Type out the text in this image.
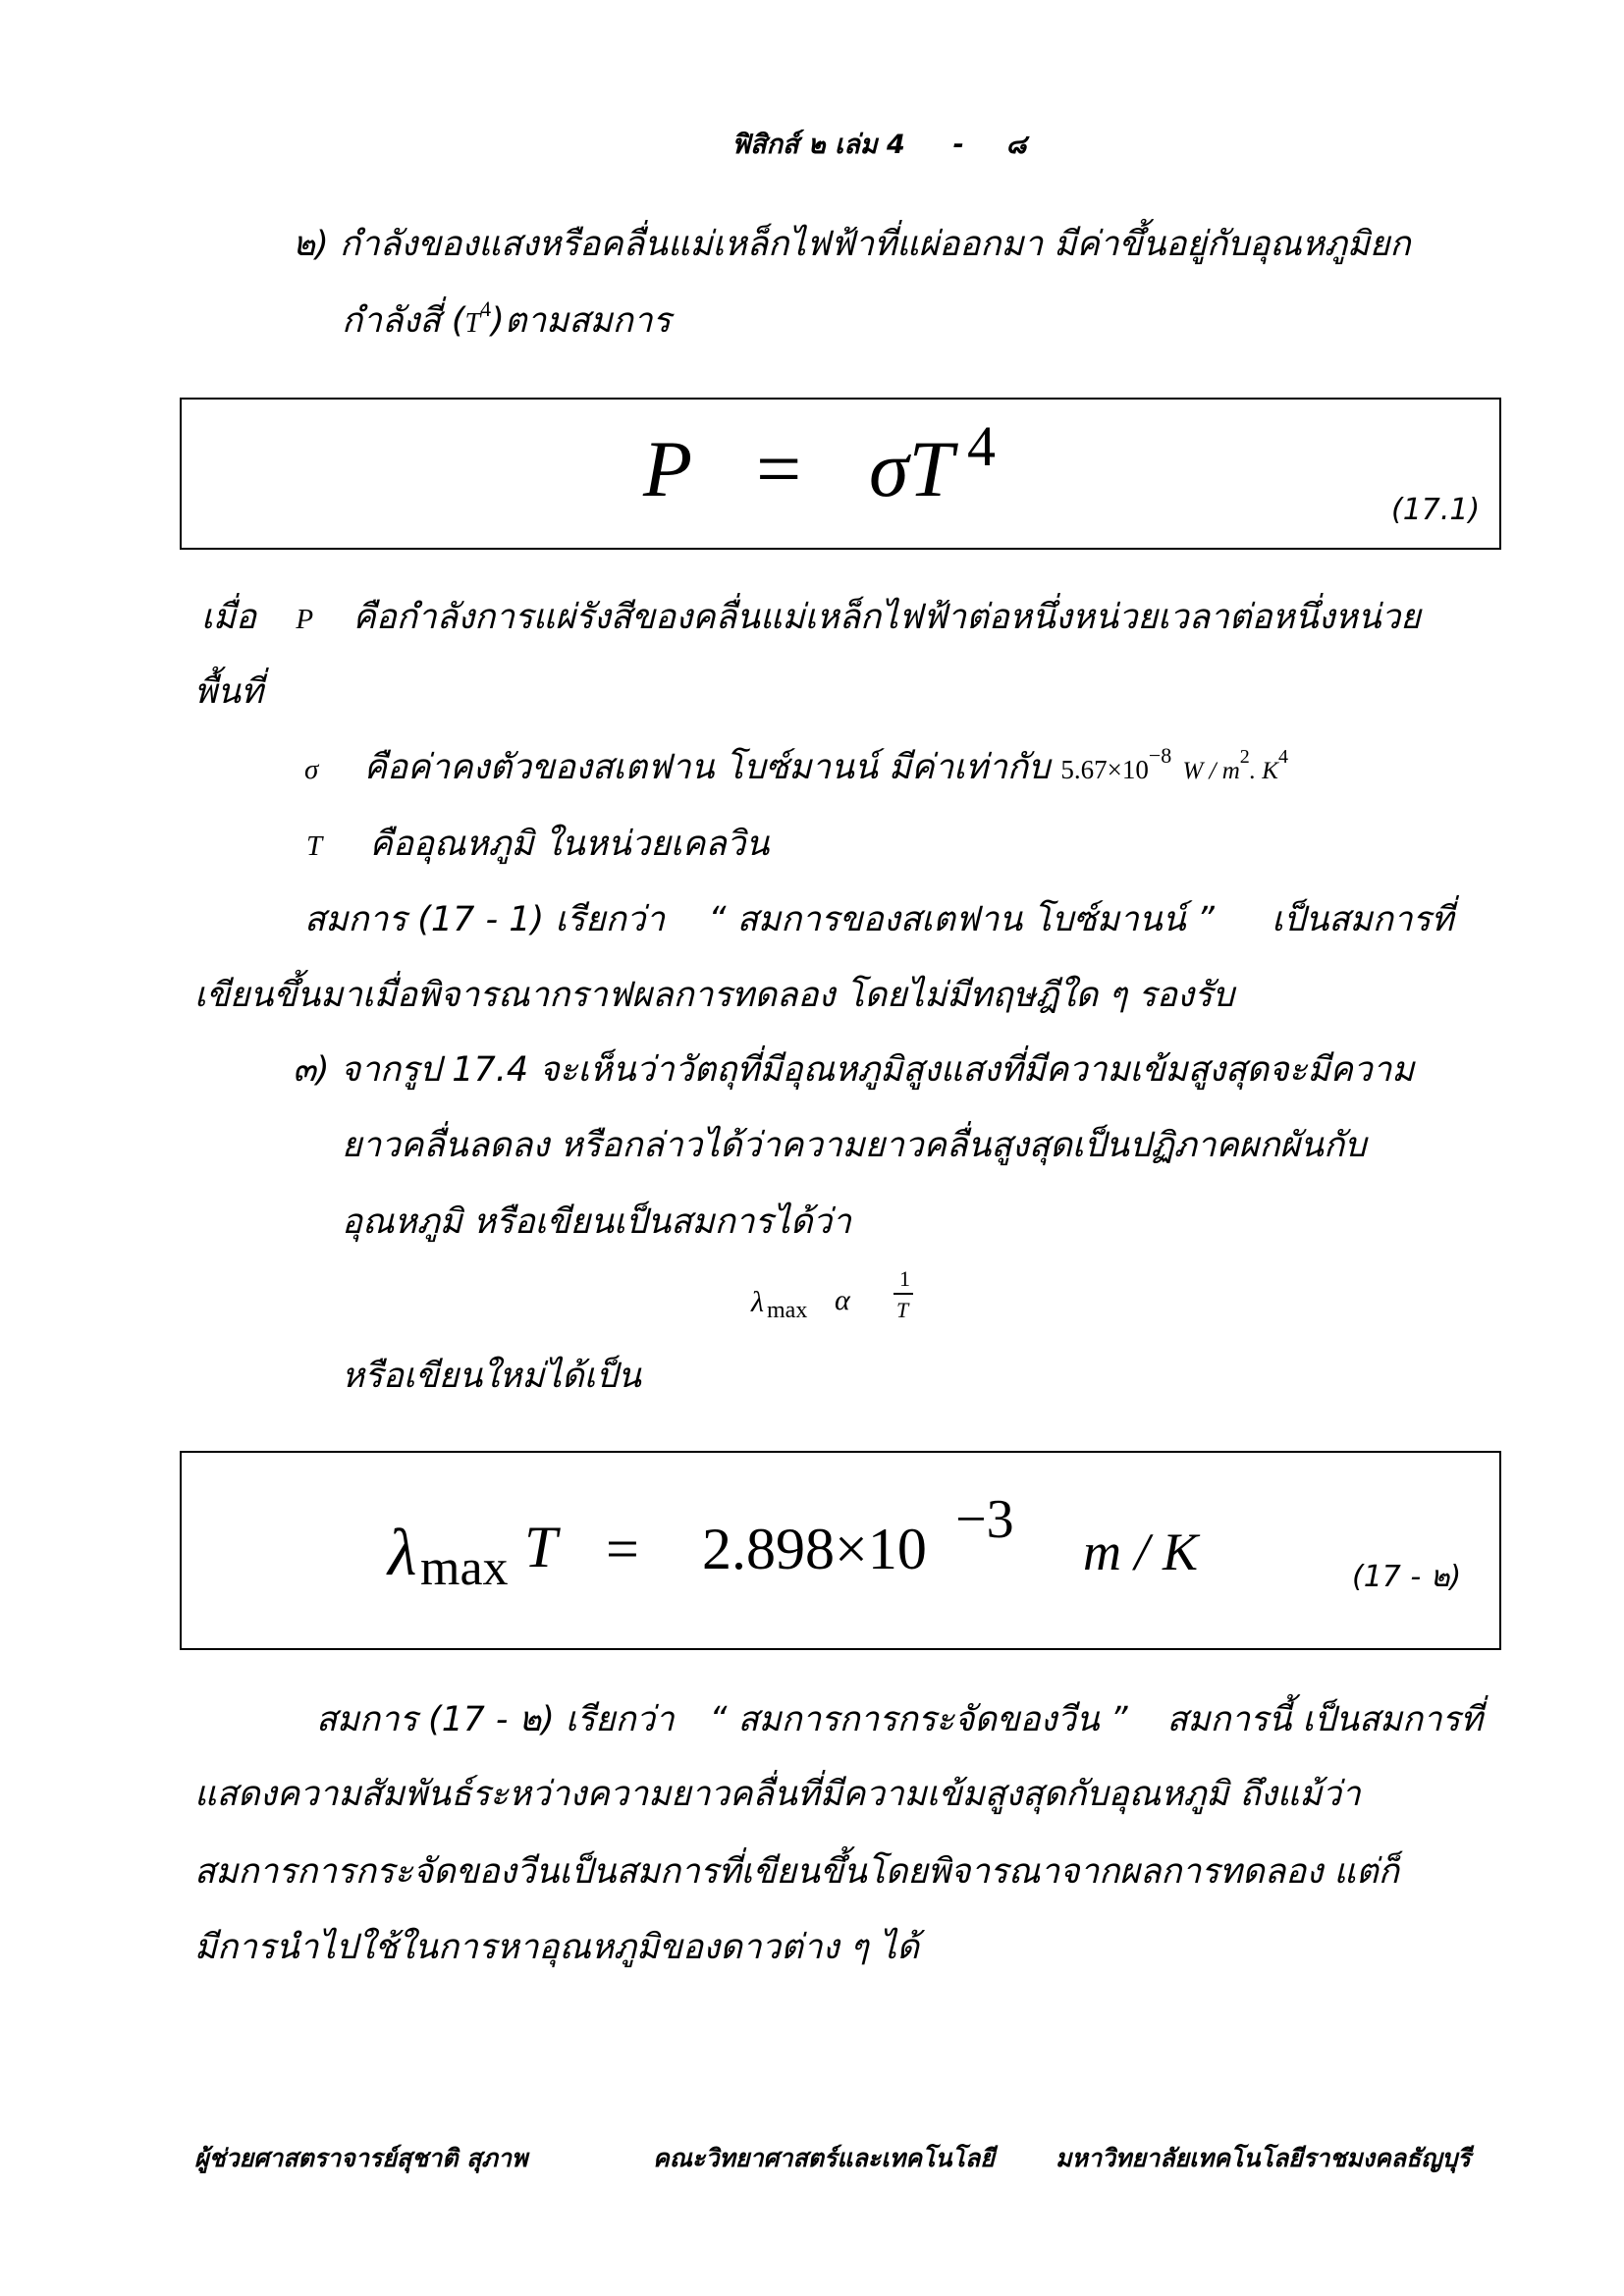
ฟิสิกส์ ๒ เล่ม 4 - ๘
๒) กำลังของแสงหรือคลื่นแม่เหล็กไฟฟ้าที่แผ่ออกมา มีค่าขึ้นอยู่กับอุณหภูมิยก
กำลังสี่ $(T^4)$ตามสมการ
P = σT 4
(17.1)
เมื่อ P คือกำลังการแผ่รังสีของคลื่นแม่เหล็กไฟฟ้าต่อหนึ่งหน่วยเวลาต่อหนึ่งหน่วย
พื้นที่
σ คือค่าคงตัวของสเตฟาน โบซ์มานน์ มีค่าเท่ากับ $5.67\times 10^{-8}$ W / $m^2$. $K^4$
T คืออุณหภูมิ ในหน่วยเคลวิน
สมการ (17 - 1) เรียกว่า “ สมการของสเตฟาน โบซ์มานน์ ” เป็นสมการที่
เขียนขึ้นมาเมื่อพิจารณากราฟผลการทดลอง โดยไม่มีทฤษฎีใด ๆ รองรับ
๓) จากรูป 17.4 จะเห็นว่าวัตถุที่มีอุณหภูมิสูงแสงที่มีความเข้มสูงสุดจะมีความ
ยาวคลื่นลดลง หรือกล่าวได้ว่าความยาวคลื่นสูงสุดเป็นปฏิภาคผกผันกับ
อุณหภูมิ หรือเขียนเป็นสมการได้ว่า
λ max α
1
T
หรือเขียนใหม่ได้เป็น
λ max T = 2.898×10 −3
m / K	(17 - ๒)
สมการ (17 - ๒) เรียกว่า “ สมการการกระจัดของวีน ” สมการนี้ เป็นสมการที่
แสดงความสัมพันธ์ระหว่างความยาวคลื่นที่มีความเข้มสูงสุดกับอุณหภูมิ ถึงแม้ว่า
สมการการกระจัดของวีนเป็นสมการที่เขียนขึ้นโดยพิจารณาจากผลการทดลอง แต่ก็
มีการนำไปใช้ในการหาอุณหภูมิของดาวต่าง ๆ ได้
ผู้ช่วยศาสตราจารย์สุชาติ สุภาพ	คณะวิทยาศาสตร์และเทคโนโลยี มหาวิทยาลัยเทคโนโลยีราชมงคลธัญบุรี
